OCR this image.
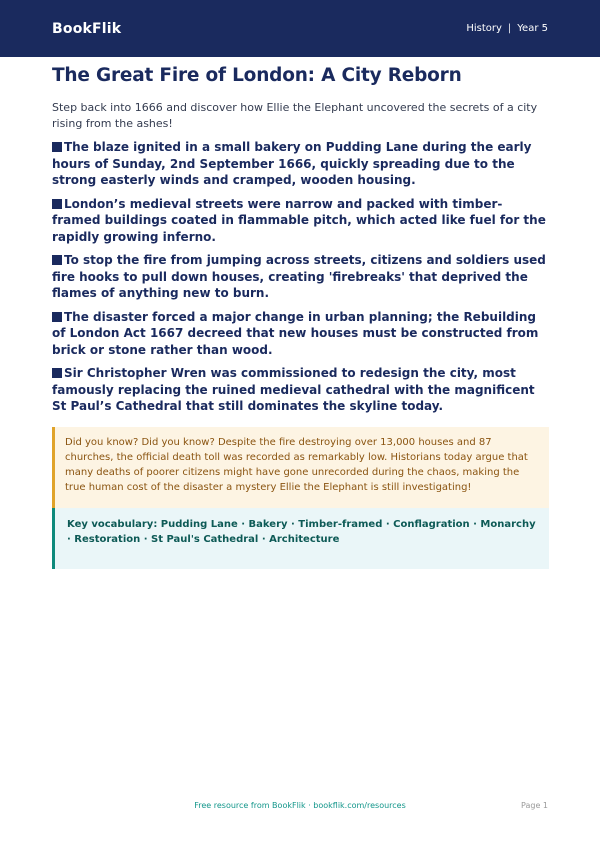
BookFlik	History | Year 5
The Great Fire of London: A City Reborn

Step back into 1666 and discover how Ellie the Elephant uncovered the secrets of a city rising from the ashes!

The blaze ignited in a small bakery on Pudding Lane during the early hours of Sunday, 2nd September 1666, quickly spreading due to the strong easterly winds and cramped, wooden housing.
London’s medieval streets were narrow and packed with timber-framed buildings coated in flammable pitch, which acted like fuel for the rapidly growing inferno.
To stop the fire from jumping across streets, citizens and soldiers used fire hooks to pull down houses, creating 'firebreaks' that deprived the flames of anything new to burn.
The disaster forced a major change in urban planning; the Rebuilding of London Act 1667 decreed that new houses must be constructed from brick or stone rather than wood.
Sir Christopher Wren was commissioned to redesign the city, most famously replacing the ruined medieval cathedral with the magnificent St Paul’s Cathedral that still dominates the skyline today.
Did you know? Did you know? Despite the fire destroying over 13,000 houses and 87 churches, the official death toll was recorded as remarkably low. Historians today argue that many deaths of poorer citizens might have gone unrecorded during the chaos, making the true human cost of the disaster a mystery Ellie the Elephant is still investigating!
Key vocabulary: Pudding Lane · Bakery · Timber-framed · Conflagration · Monarchy · Restoration · St Paul's Cathedral · Architecture
Free resource from BookFlik · bookflik.com/resources	Page 1
